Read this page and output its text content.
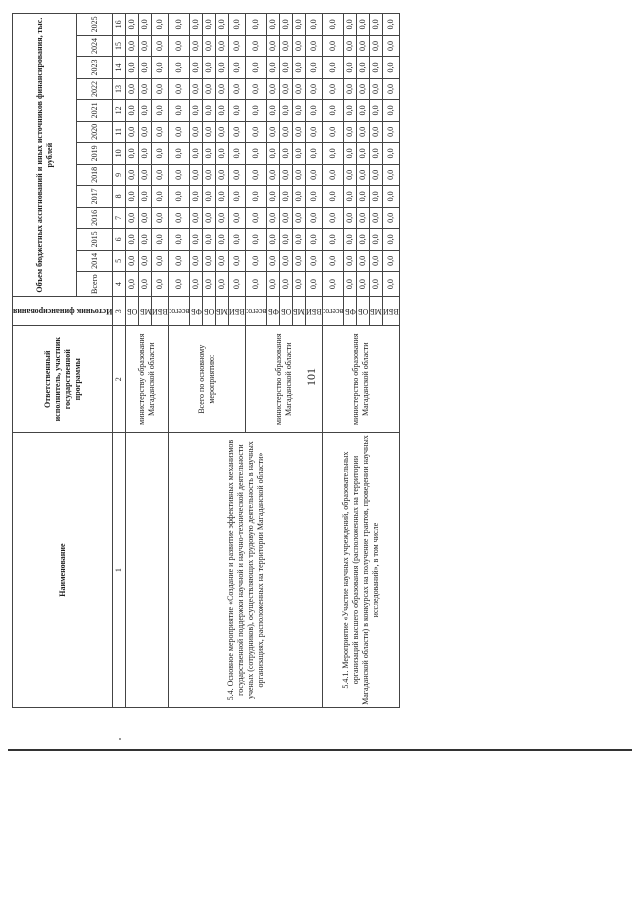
101
Наименование	Ответственный исполнитель, участник государственной программы	Источник финансирования	Объем бюджетных ассигнований и иных источников финансирования, тыс. рублей												
			Всего	2014	2015	2016	2017	2018	2019	2020	2021	2022	2023	2024	2025
1	2	3	4	5	6	7	8	9	10	11	12	13	14	15	16
	министерству образования Магаданской области	ОБ	0,0	0,0	0,0	0,0	0,0	0,0	0,0	0,0	0,0	0,0	0,0	0,0	0,0

		МБ	0,0	0,0	0,0	0,0	0,0	0,0	0,0	0,0	0,0	0,0	0,0	0,0	0,0

		ВБИ	0,0	0,0	0,0	0,0	0,0	0,0	0,0	0,0	0,0	0,0	0,0	0,0	0,0
5.4. Основное мероприятие «Создание и развитие эффективных механизмов государственной поддержки научной и научно-технической деятельности ученых (сотрудников), осуществляющих трудовую деятельность в научных организациях, расположенных на территории Магаданской области»	Всего по основному мероприятию:	всего:	0,0	0,0	0,0	0,0	0,0	0,0	0,0	0,0	0,0	0,0	0,0	0,0	0,0

		ФБ	0,0	0,0	0,0	0,0	0,0	0,0	0,0	0,0	0,0	0,0	0,0	0,0	0,0

		ОБ	0,0	0,0	0,0	0,0	0,0	0,0	0,0	0,0	0,0	0,0	0,0	0,0	0,0

		МБ	0,0	0,0	0,0	0,0	0,0	0,0	0,0	0,0	0,0	0,0	0,0	0,0	0,0

		ВБИ	0,0	0,0	0,0	0,0	0,0	0,0	0,0	0,0	0,0	0,0	0,0	0,0	0,0
	министерство образования Магаданской области	всего:	0,0	0,0	0,0	0,0	0,0	0,0	0,0	0,0	0,0	0,0	0,0	0,0	0,0

		ФБ	0,0	0,0	0,0	0,0	0,0	0,0	0,0	0,0	0,0	0,0	0,0	0,0	0,0

		ОБ	0,0	0,0	0,0	0,0	0,0	0,0	0,0	0,0	0,0	0,0	0,0	0,0	0,0

		МБ	0,0	0,0	0,0	0,0	0,0	0,0	0,0	0,0	0,0	0,0	0,0	0,0	0,0

		ВБИ	0,0	0,0	0,0	0,0	0,0	0,0	0,0	0,0	0,0	0,0	0,0	0,0	0,0
5.4.1. Мероприятие «Участие научных учреждений, образовательных организаций высшего образования (расположенных на территории Магаданской области) в конкурсах на получение грантов, проведении научных исследований», в том числе	министерство образования Магаданской области	всего:	0,0	0,0	0,0	0,0	0,0	0,0	0,0	0,0	0,0	0,0	0,0	0,0	0,0

		ФБ	0,0	0,0	0,0	0,0	0,0	0,0	0,0	0,0	0,0	0,0	0,0	0,0	0,0

		ОБ	0,0	0,0	0,0	0,0	0,0	0,0	0,0	0,0	0,0	0,0	0,0	0,0	0,0

		МБ	0,0	0,0	0,0	0,0	0,0	0,0	0,0	0,0	0,0	0,0	0,0	0,0	0,0

		ВБИ	0,0	0,0	0,0	0,0	0,0	0,0	0,0	0,0	0,0	0,0	0,0	0,0	0,0
